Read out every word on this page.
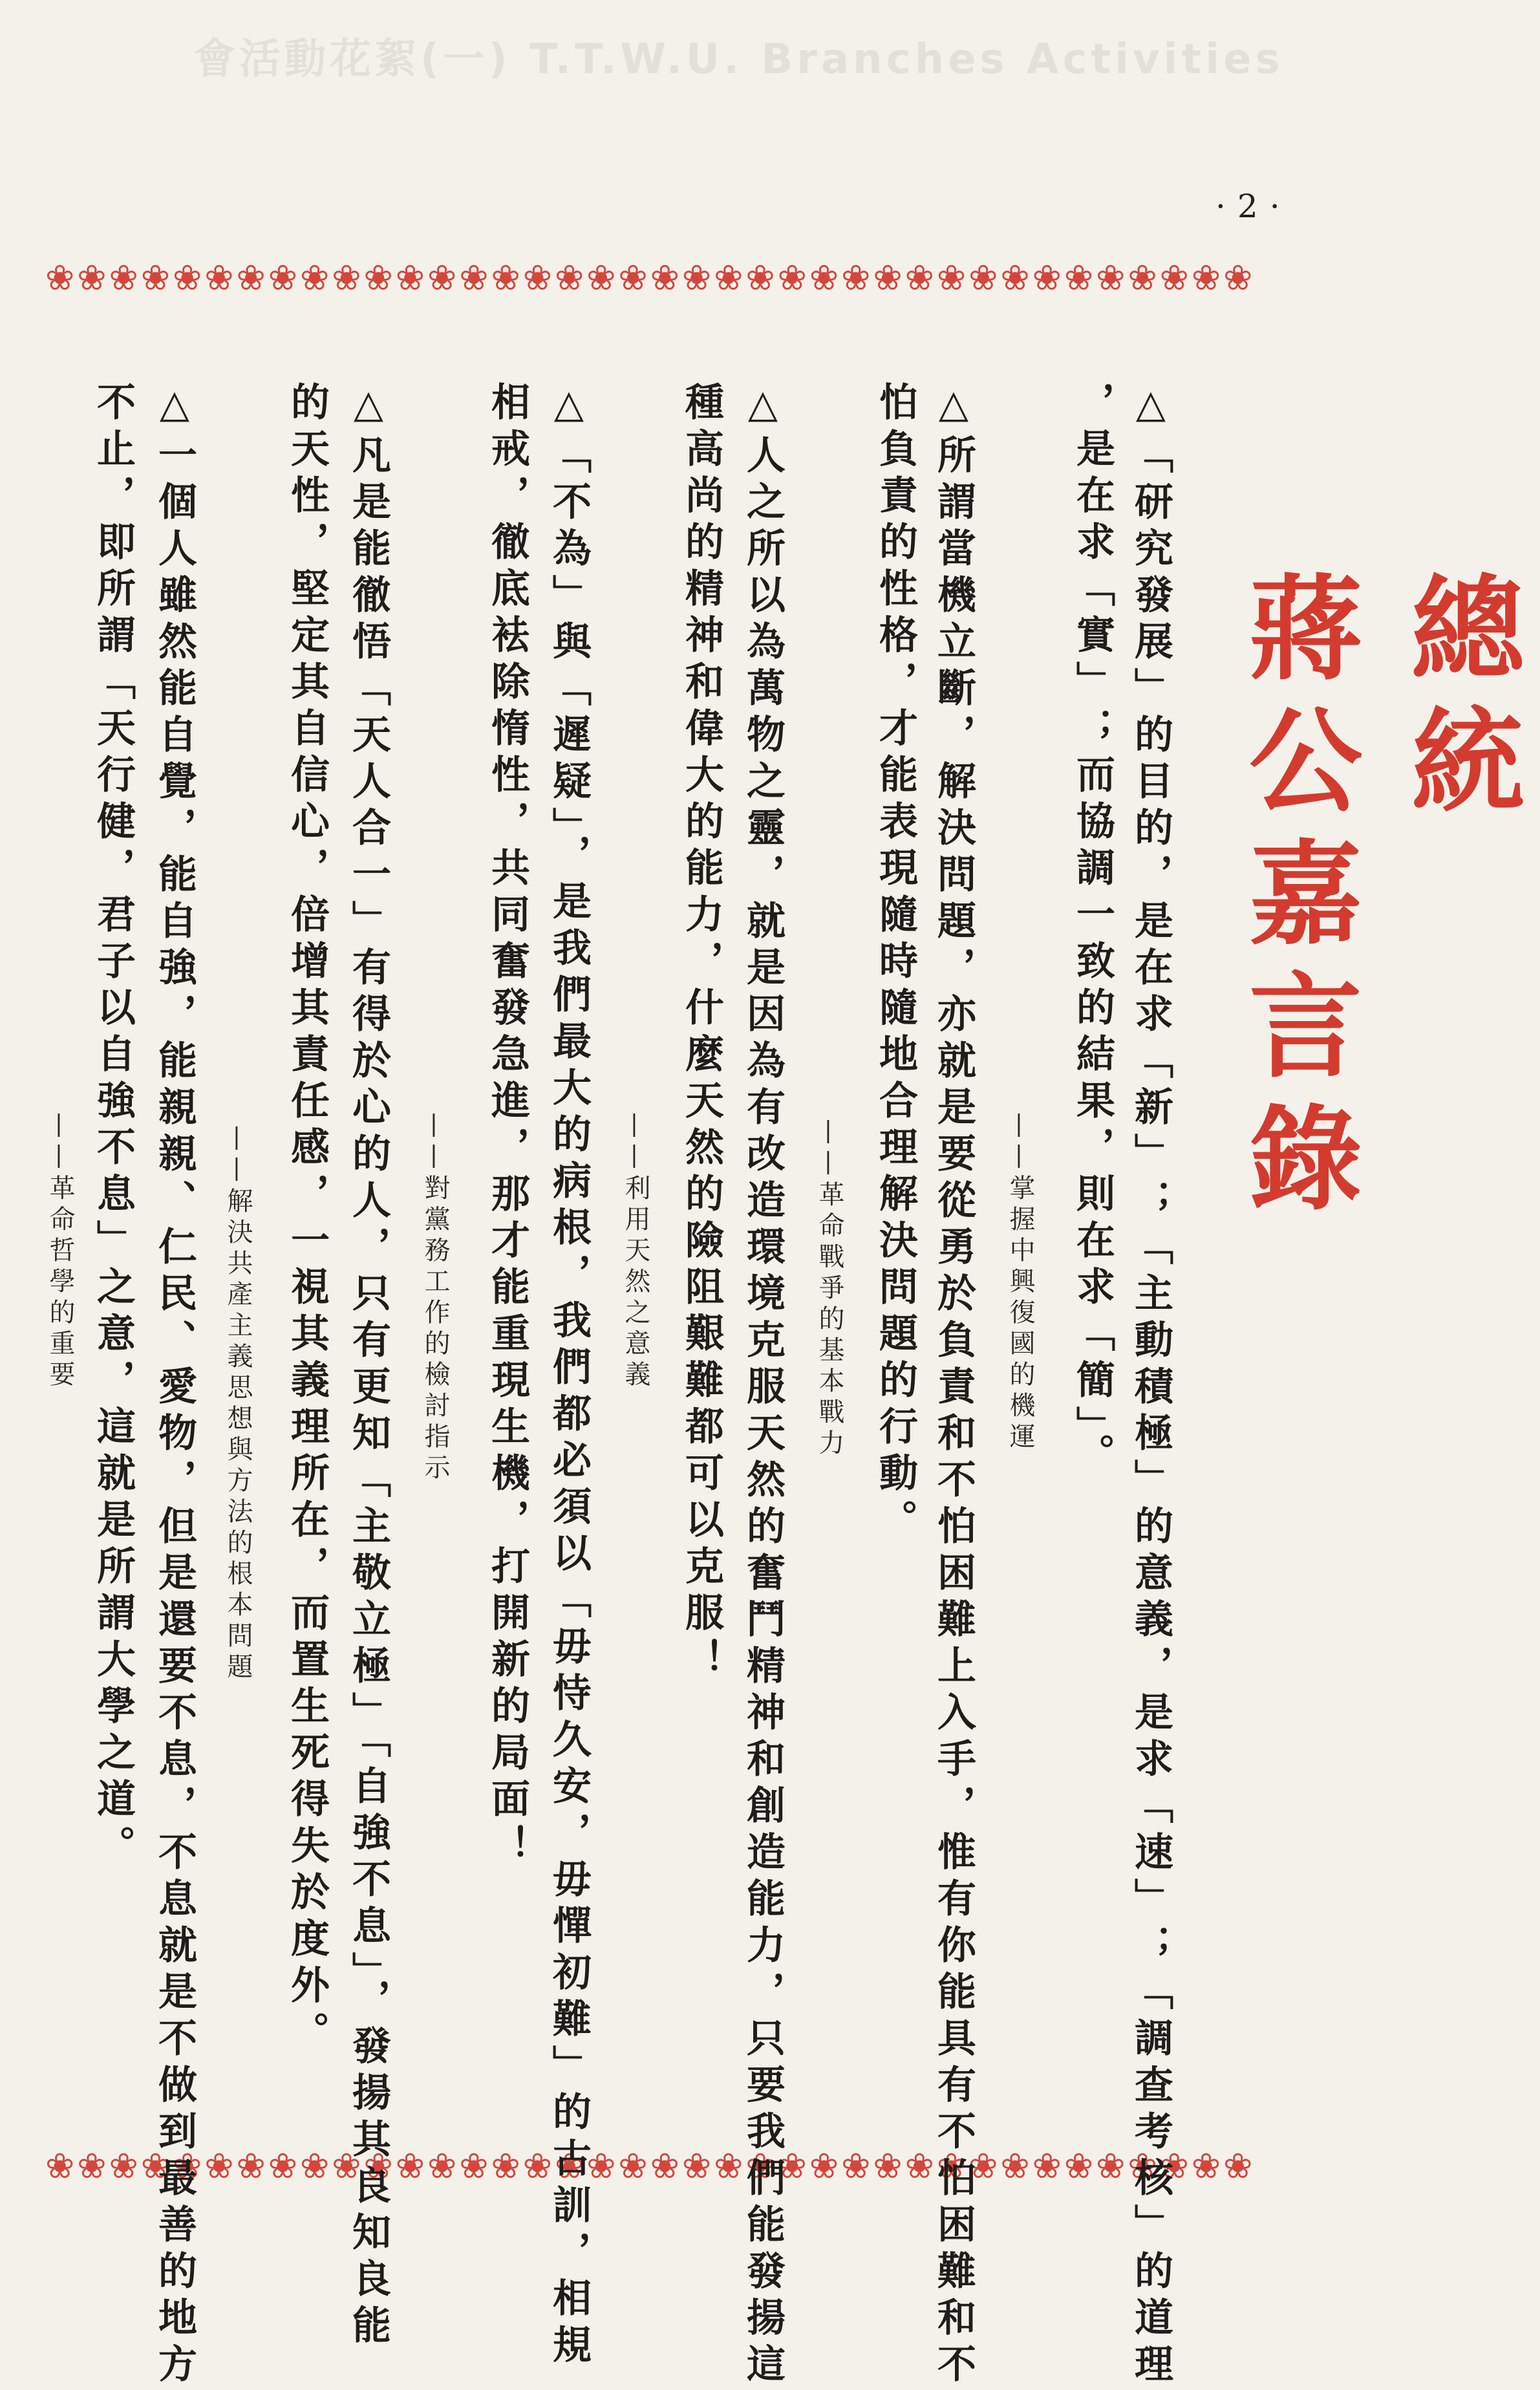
會活動花絮(一) T.T.W.U. Branches Activities
·2·
❀❀❀❀❀❀❀❀❀❀❀❀❀❀❀❀❀❀❀❀❀❀❀❀❀❀❀❀❀❀❀❀❀❀❀❀❀❀
❀❀❀❀❀❀❀❀❀❀❀❀❀❀❀❀❀❀❀❀❀❀❀❀❀❀❀❀❀❀❀❀❀❀❀❀❀❀
總統
蔣公嘉言錄
△「研究發展」的目的，是在求「新」；「主動積極」的意義，是求「速」；「調查考核」的道理
，是在求「實」；而協調一致的結果，則在求「簡」。
——掌握中興復國的機運
△所謂當機立斷，解決問題，亦就是要從勇於負責和不怕困難上入手，惟有你能具有不怕困難和不
怕負責的性格，才能表現隨時隨地合理解決問題的行動。
——革命戰爭的基本戰力
△人之所以為萬物之靈，就是因為有改造環境克服天然的奮鬥精神和創造能力，只要我們能發揚這
種高尚的精神和偉大的能力，什麼天然的險阻艱難都可以克服！
——利用天然之意義
△「不為」與「遲疑」，是我們最大的病根，我們都必須以「毋恃久安，毋憚初難」的古訓，相規
相戒，徹底袪除惰性，共同奮發急進，那才能重現生機，打開新的局面！
——對黨務工作的檢討指示
△凡是能徹悟「天人合一」有得於心的人，只有更知「主敬立極」「自強不息」，發揚其良知良能
的天性，堅定其自信心，倍增其責任感，一視其義理所在，而置生死得失於度外。
——解決共產主義思想與方法的根本問題
△一個人雖然能自覺，能自強，能親親、仁民、愛物，但是還要不息，不息就是不做到最善的地方
不止，即所謂「天行健，君子以自強不息」之意，這就是所謂大學之道。
——革命哲學的重要
